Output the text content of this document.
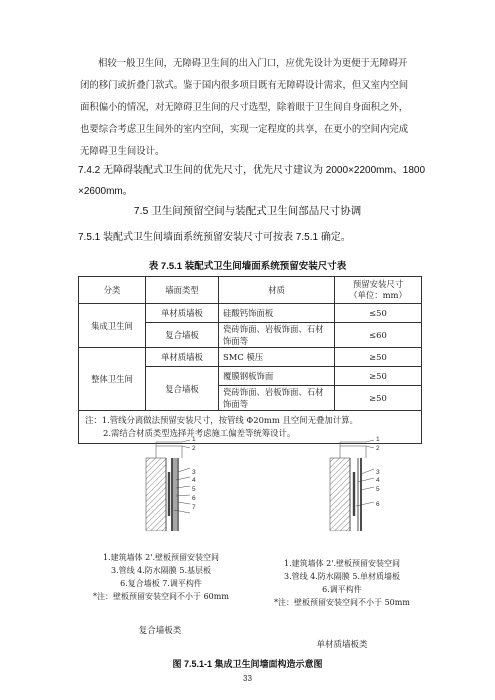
相较一般卫生间，无障碍卫生间的出入门口，应优先设计为更便于无障碍开
闭的移门或折叠门款式。鉴于国内很多项目既有无障碍设计需求，但又室内空间
面积偏小的情况，对无障碍卫生间的尺寸选型，除着眼于卫生间自身面积之外，
也要综合考虑卫生间外的室内空间，实现一定程度的共享，在更小的空间内完成
无障碍卫生间设计。
7.4.2 无障碍装配式卫生间的优先尺寸，优先尺寸建议为 2000×2200mm、1800
×2600mm。
7.5 卫生间预留空间与装配式卫生间部品尺寸协调
7.5.1 装配式卫生间墙面系统预留安装尺寸可按表 7.5.1 确定。
表 7.5.1 装配式卫生间墙面系统预留安装尺寸表
分类	墙面类型	材质	预留安装尺寸
（单位：mm）
集成卫生间	单材质墙板	硅酸钙饰面板	≤50
	复合墙板	瓷砖饰面、岩板饰面、石材饰面等	≤60
整体卫生间	单材质墙板	SMC 模压	≥50
	复合墙板	覆膜钢板饰面	≥50
		瓷砖饰面、岩板饰面、石材饰面等	≥50
注：1.管线分离做法预留安装尺寸，按管线 Φ20mm 且空间无叠加计算。
2.需结合材质类型选择并考虑施工偏差等统筹设计。			
1
2
3
4
5
6
7
1.建筑墙体 2'.壁板预留安装空间
3.管线 4.防水隔膜 5.基层板
6.复合墙板 7.调平构件
*注：壁板预留安装空间不小于 60mm
复合墙板类
1
2
3
4
5
6
1.建筑墙体 2'.壁板预留安装空间
3.管线 4.防水隔膜 5.单材质墙板
6.调平构件
*注：壁板预留安装空间不小于 50mm
单材质墙板类
图 7.5.1-1 集成卫生间墙面构造示意图
33
